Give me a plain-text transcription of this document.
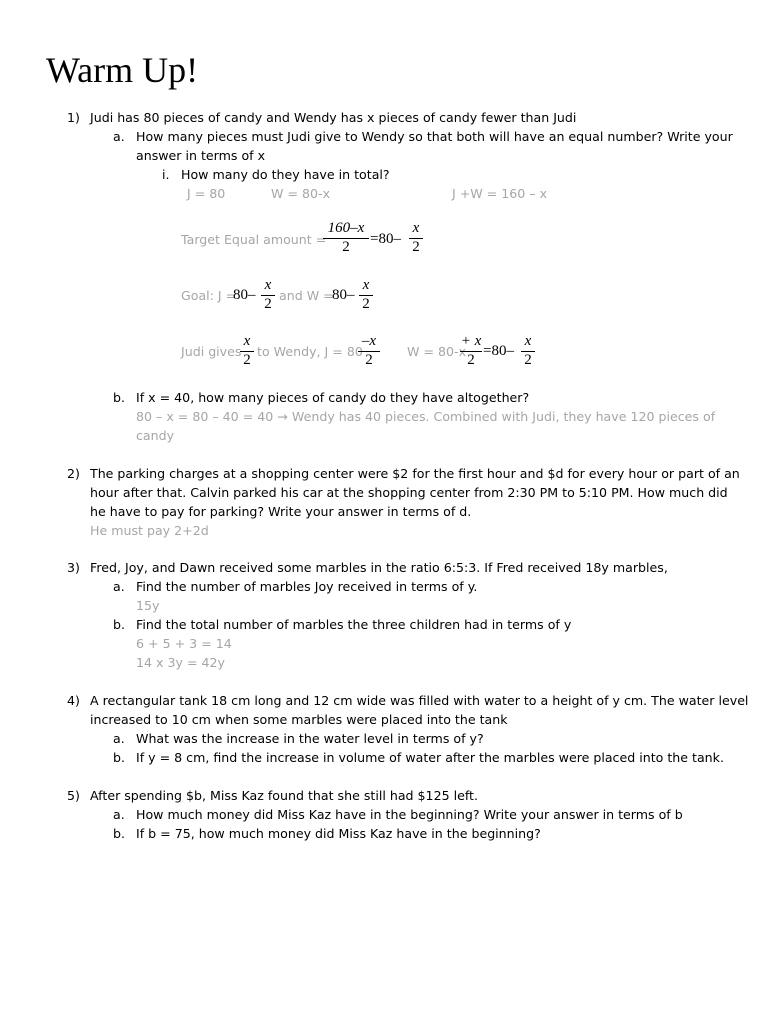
Warm Up!
1) Judi has 80 pieces of candy and Wendy has x pieces of candy fewer than Judi
a. How many pieces must Judi give to Wendy so that both will have an equal number? Write your
answer in terms of x
i. How many do they have in total?
J = 80	W = 80-x	J +W = 160 – x
Target Equal amount =
160–x
2	=80–
x
2
Goal: J =
80–
x
2
and W =
80–
x
2
Judi gives
x
2
to Wendy, J = 80
–x
2
W = 80-x
+ x
2
=80–
x
2
b. If x = 40, how many pieces of candy do they have altogether?
80 – x = 80 – 40 = 40 → Wendy has 40 pieces. Combined with Judi, they have 120 pieces of
candy
2) The parking charges at a shopping center were $2 for the first hour and $d for every hour or part of an
hour after that. Calvin parked his car at the shopping center from 2:30 PM to 5:10 PM. How much did
he have to pay for parking? Write your answer in terms of d.
He must pay 2+2d
3) Fred, Joy, and Dawn received some marbles in the ratio 6:5:3. If Fred received 18y marbles,
a. Find the number of marbles Joy received in terms of y.
15y
b. Find the total number of marbles the three children had in terms of y
6 + 5 + 3 = 14
14 x 3y = 42y
4) A rectangular tank 18 cm long and 12 cm wide was filled with water to a height of y cm. The water level
increased to 10 cm when some marbles were placed into the tank
a. What was the increase in the water level in terms of y?
b. If y = 8 cm, find the increase in volume of water after the marbles were placed into the tank.
5) After spending $b, Miss Kaz found that she still had $125 left.
a. How much money did Miss Kaz have in the beginning? Write your answer in terms of b
b. If b = 75, how much money did Miss Kaz have in the beginning?
